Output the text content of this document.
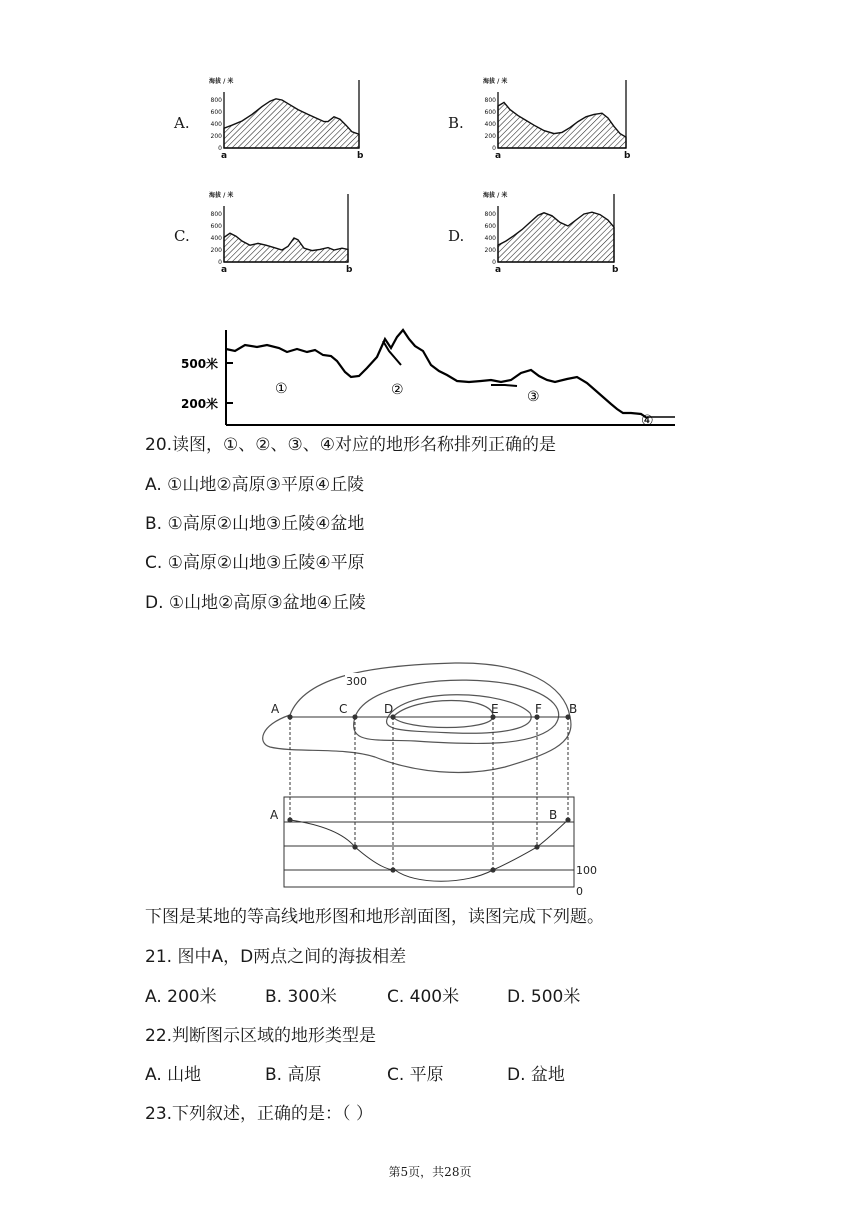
A.	B.
C.	D.
海拔 / 米
800
600
400
200
0
a	b
海拔 / 米
800
600
400
200
0
a	b
海拔 / 米
800
600
400
200
0
a	b
海拔 / 米
800
600
400
200
0
a	b
500米
200米
①	②	③
④
20.读图，①、②、③、④对应的地形名称排列正确的是
A. ①山地②高原③平原④丘陵
B. ①高原②山地③丘陵④盆地
C. ①高原②山地③丘陵④平原
D. ①山地②高原③盆地④丘陵
300
A	C	D	E	F B
100
0
A	B
下图是某地的等高线地形图和地形剖面图，读图完成下列题。
21. 图中A，D两点之间的海拔相差
A. 200米	B. 300米	C. 400米	D. 500米
22.判断图示区域的地形类型是
A. 山地	B. 高原	C. 平原	D. 盆地
23.下列叙述，正确的是：（ ）
第5页，共28页
